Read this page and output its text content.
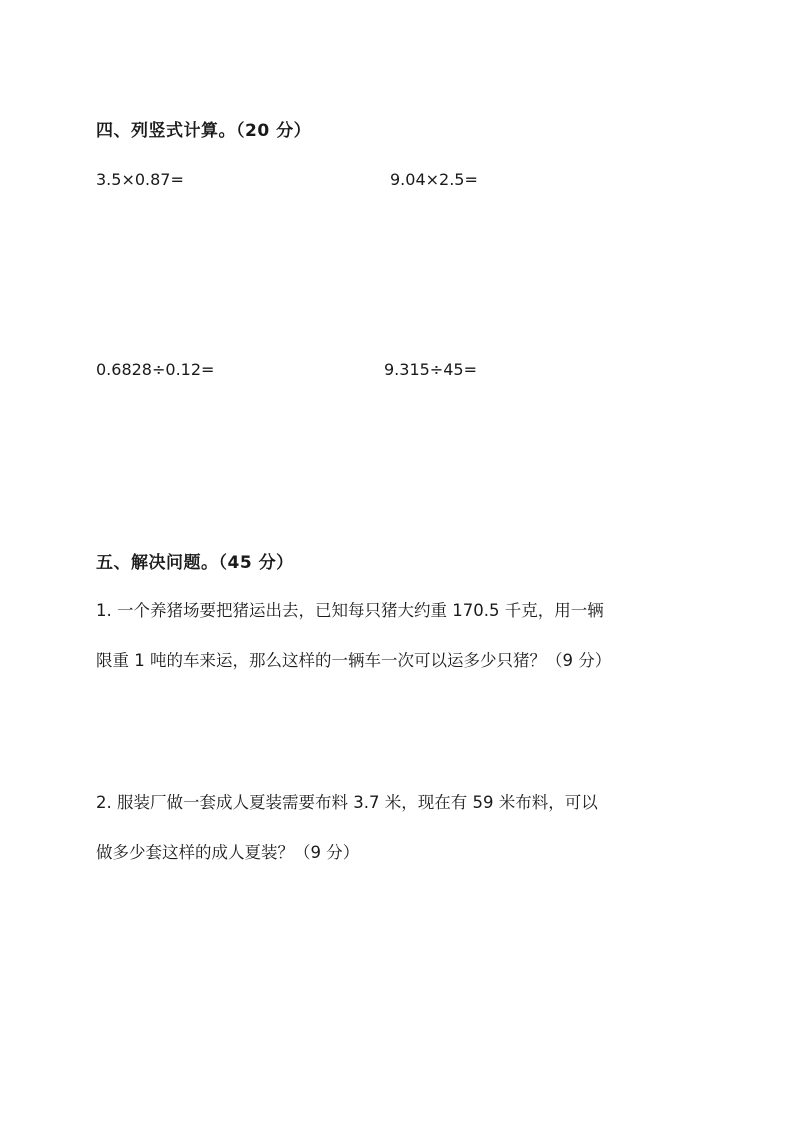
四、列竖式计算。（20 分）
3.5×0.87=	9.04×2.5=
0.6828÷0.12=	9.315÷45=
五、解决问题。（45 分）
1. 一个养猪场要把猪运出去，已知每只猪大约重 170.5 千克，用一辆
限重 1 吨的车来运，那么这样的一辆车一次可以运多少只猪？（9 分）
2. 服装厂做一套成人夏装需要布料 3.7 米，现在有 59 米布料，可以
做多少套这样的成人夏装？（9 分）
